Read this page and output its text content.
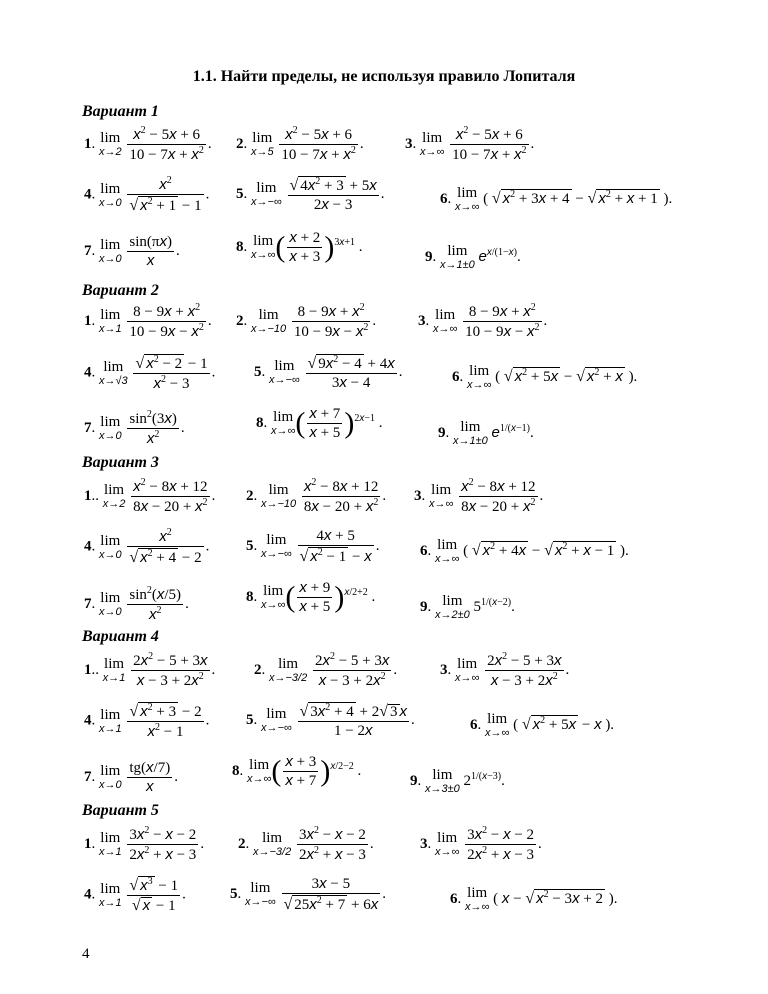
1.1. Найти пределы, не используя правило Лопиталя
Вариант 1
1. lim
x→2
$\frac{x^2 - 5x + 6}{10 - 7x + x^2}$ . 2. lim
x→5
$\frac{x^2 - 5x + 6}{10 - 7x + x^2}$ .	3. lim
x→∞
$\frac{x^2 - 5x + 6}{10 - 7x + x^2}$ .
4. lim
x→0
$\frac{x^2}{√ x^2 + 1 - 1}$ . 5. lim
x→−∞
$\frac{√ 4x^2 + 3 + 5x}{2x - 3}$ .	6. lim
x→∞
( √ $x^2 + 3x + 4$ − √ $x^2 + x + 1$ ).
7. lim
x→0
$\frac{\sin(\pi x)}{x}$ .	8. lim
x→∞ ( $\frac{x + 2}{x + 3} )^{3x+1}$ .
9. lim
x→1±0
$e^{x/(1-x)}$.
Вариант 2
1. lim
x→1
$\frac{8 - 9x + x^2}{10 - 9x - x^2}$ . 2. lim
x→−10
$\frac{8 - 9x + x^2}{10 - 9x - x^2}$ .	3. lim
x→∞
$\frac{8 - 9x + x^2}{10 - 9x - x^2}$ .
4. lim
x→√3
$\frac{√ x^2 - 2 - 1}{x^2 - 3}$ .	5. lim
x→−∞
$\frac{√ 9x^2 - 4 + 4x}{3x - 4}$ .	6. lim
x→∞
( √ $x^2 + 5x$ − √ $x^2 + x$ ).
7. lim
x→0
$\frac{\sin^2(3x)}{x^2}$ .	8. lim
x→∞ ( $\frac{x + 7}{x + 5} )^{2x-1}$ .
9. lim
x→1±0
$e^{1/(x-1)}$.
Вариант 3
1.. lim
x→2
$\frac{x^2 - 8x + 12}{8x - 20 + x^2}$ . 2. lim
x→−10
$\frac{x^2 - 8x + 12}{8x - 20 + x^2}$ . 3. lim
x→∞
$\frac{x^2 - 8x + 12}{8x - 20 + x^2}$ .
4. lim
x→0
$\frac{x^2}{√ x^2 + 4 - 2}$ . 5. lim
x→−∞
$\frac{4x + 5}{√ x^2 - 1 - x}$ .	6. lim
x→∞
( √ $x^2 + 4x$ − √ $x^2 + x - 1$ ).
7. lim
x→0
$\frac{\sin^2(x/5)}{x^2}$ .	8. lim
x→∞ ( $\frac{x + 9}{x + 5} )^{x/2+2}$ .
9. lim
x→2±0
$5^{1/(x-2)}$.
Вариант 4
1.. lim
x→1
$\frac{2x^2 - 5 + 3x}{x - 3 + 2x^2}$ .	2. lim
x→−3/2
$\frac{2x^2 - 5 + 3x}{x - 3 + 2x^2}$ .	3. lim
x→∞
$\frac{2x^2 - 5 + 3x}{x - 3 + 2x^2}$ .
4. lim
x→1
$\frac{√ x^2 + 3 - 2}{x^2 - 1}$ . 5. lim
x→−∞
$\frac{√ 3x^2 + 4 + 2√ 3 x}{1 - 2x}$ .	6. lim
x→∞
( √ $x^2 + 5x - x$ ).
7. lim
x→0
$\frac{tg(x/7)}{x}$ .	8. lim
x→∞ ( $\frac{x + 3}{x + 7} )^{x/2-2}$ .
9. lim
x→3±0
$2^{1/(x-3)}$.
Вариант 5
1. lim
x→1
$\frac{3x^2 - x - 2}{2x^2 + x - 3}$ . 2. lim
x→−3/2
$\frac{3x^2 - x - 2}{2x^2 + x - 3}$ .	3. lim
x→∞
$\frac{3x^2 - x - 2}{2x^2 + x - 3}$ .
4. lim
x→1
$\frac{√ x^3 - 1}{√ x - 1}$ .	5. lim
x→−∞
$\frac{3x - 5}{√ 25x^2 + 7 + 6x}$ .	6. lim
x→∞
( x − √ $x^2 - 3x + 2$ ).
4
